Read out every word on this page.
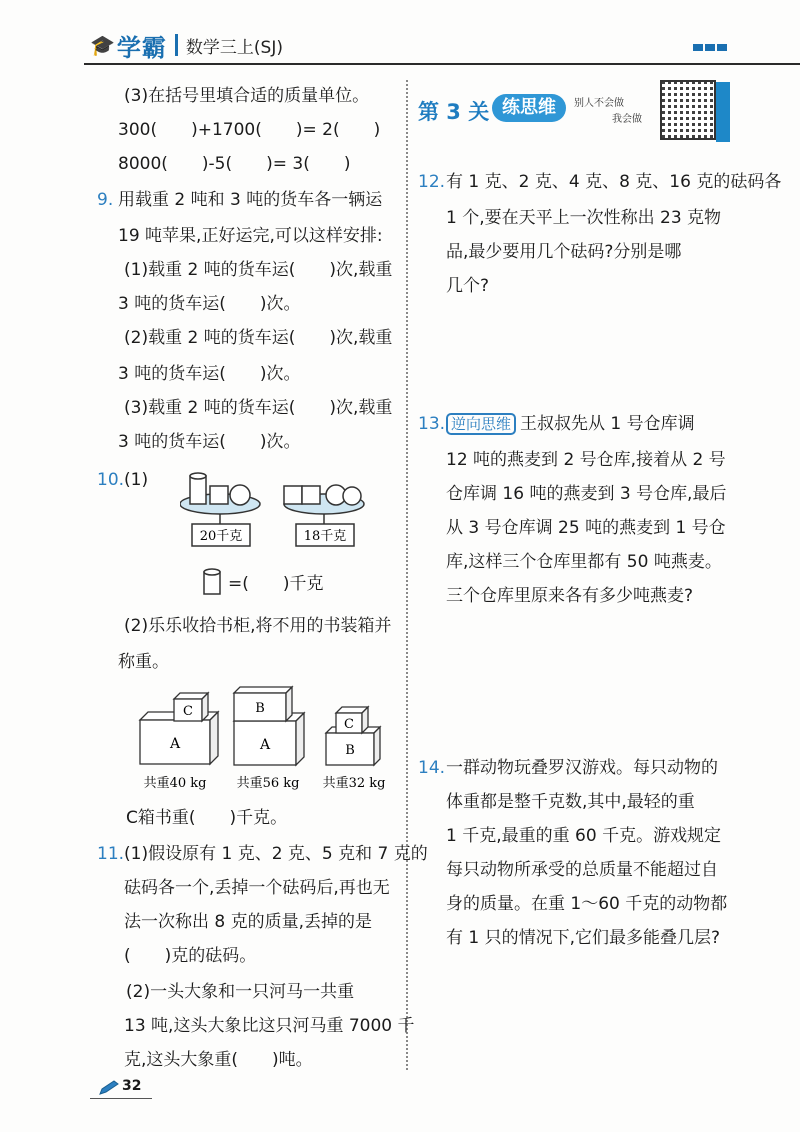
🎓 学霸 数学三上(SJ)
(3)在括号里填合适的质量单位。
300(　　)+1700(　　)= 2(　　)
8000(　　)-5(　　)= 3(　　)
9. 用载重 2 吨和 3 吨的货车各一辆运
19 吨苹果,正好运完,可以这样安排:
(1)载重 2 吨的货车运(　　)次,载重
3 吨的货车运(　　)次。
(2)载重 2 吨的货车运(　　)次,载重
3 吨的货车运(　　)次。
(3)载重 2 吨的货车运(　　)次,载重
3 吨的货车运(　　)次。
10. (1)
20千克	18千克
=(　　)千克
(2)乐乐收拾书柜,将不用的书装箱并
称重。
A
C
A
B
B
C
共重40 kg 共重56 kg 共重32 kg
C箱书重(　　)千克。
11. (1)假设原有 1 克、2 克、5 克和 7 克的
砝码各一个,丢掉一个砝码后,再也无
法一次称出 8 克的质量,丢掉的是
(　　)克的砝码。
(2)一头大象和一只河马一共重
13 吨,这头大象比这只河马重 7000 千
克,这头大象重(　　)吨。
第 3 关 练思维	别人不会做
我会做
12. 有 1 克、2 克、4 克、8 克、16 克的砝码各
1 个,要在天平上一次性称出 23 克物
品,最少要用几个砝码?分别是哪
几个?
13. 逆向思维 王叔叔先从 1 号仓库调
12 吨的燕麦到 2 号仓库,接着从 2 号
仓库调 16 吨的燕麦到 3 号仓库,最后
从 3 号仓库调 25 吨的燕麦到 1 号仓
库,这样三个仓库里都有 50 吨燕麦。
三个仓库里原来各有多少吨燕麦?
14. 一群动物玩叠罗汉游戏。每只动物的
体重都是整千克数,其中,最轻的重
1 千克,最重的重 60 千克。游戏规定
每只动物所承受的总质量不能超过自
身的质量。在重 1～60 千克的动物都
有 1 只的情况下,它们最多能叠几层?
32
